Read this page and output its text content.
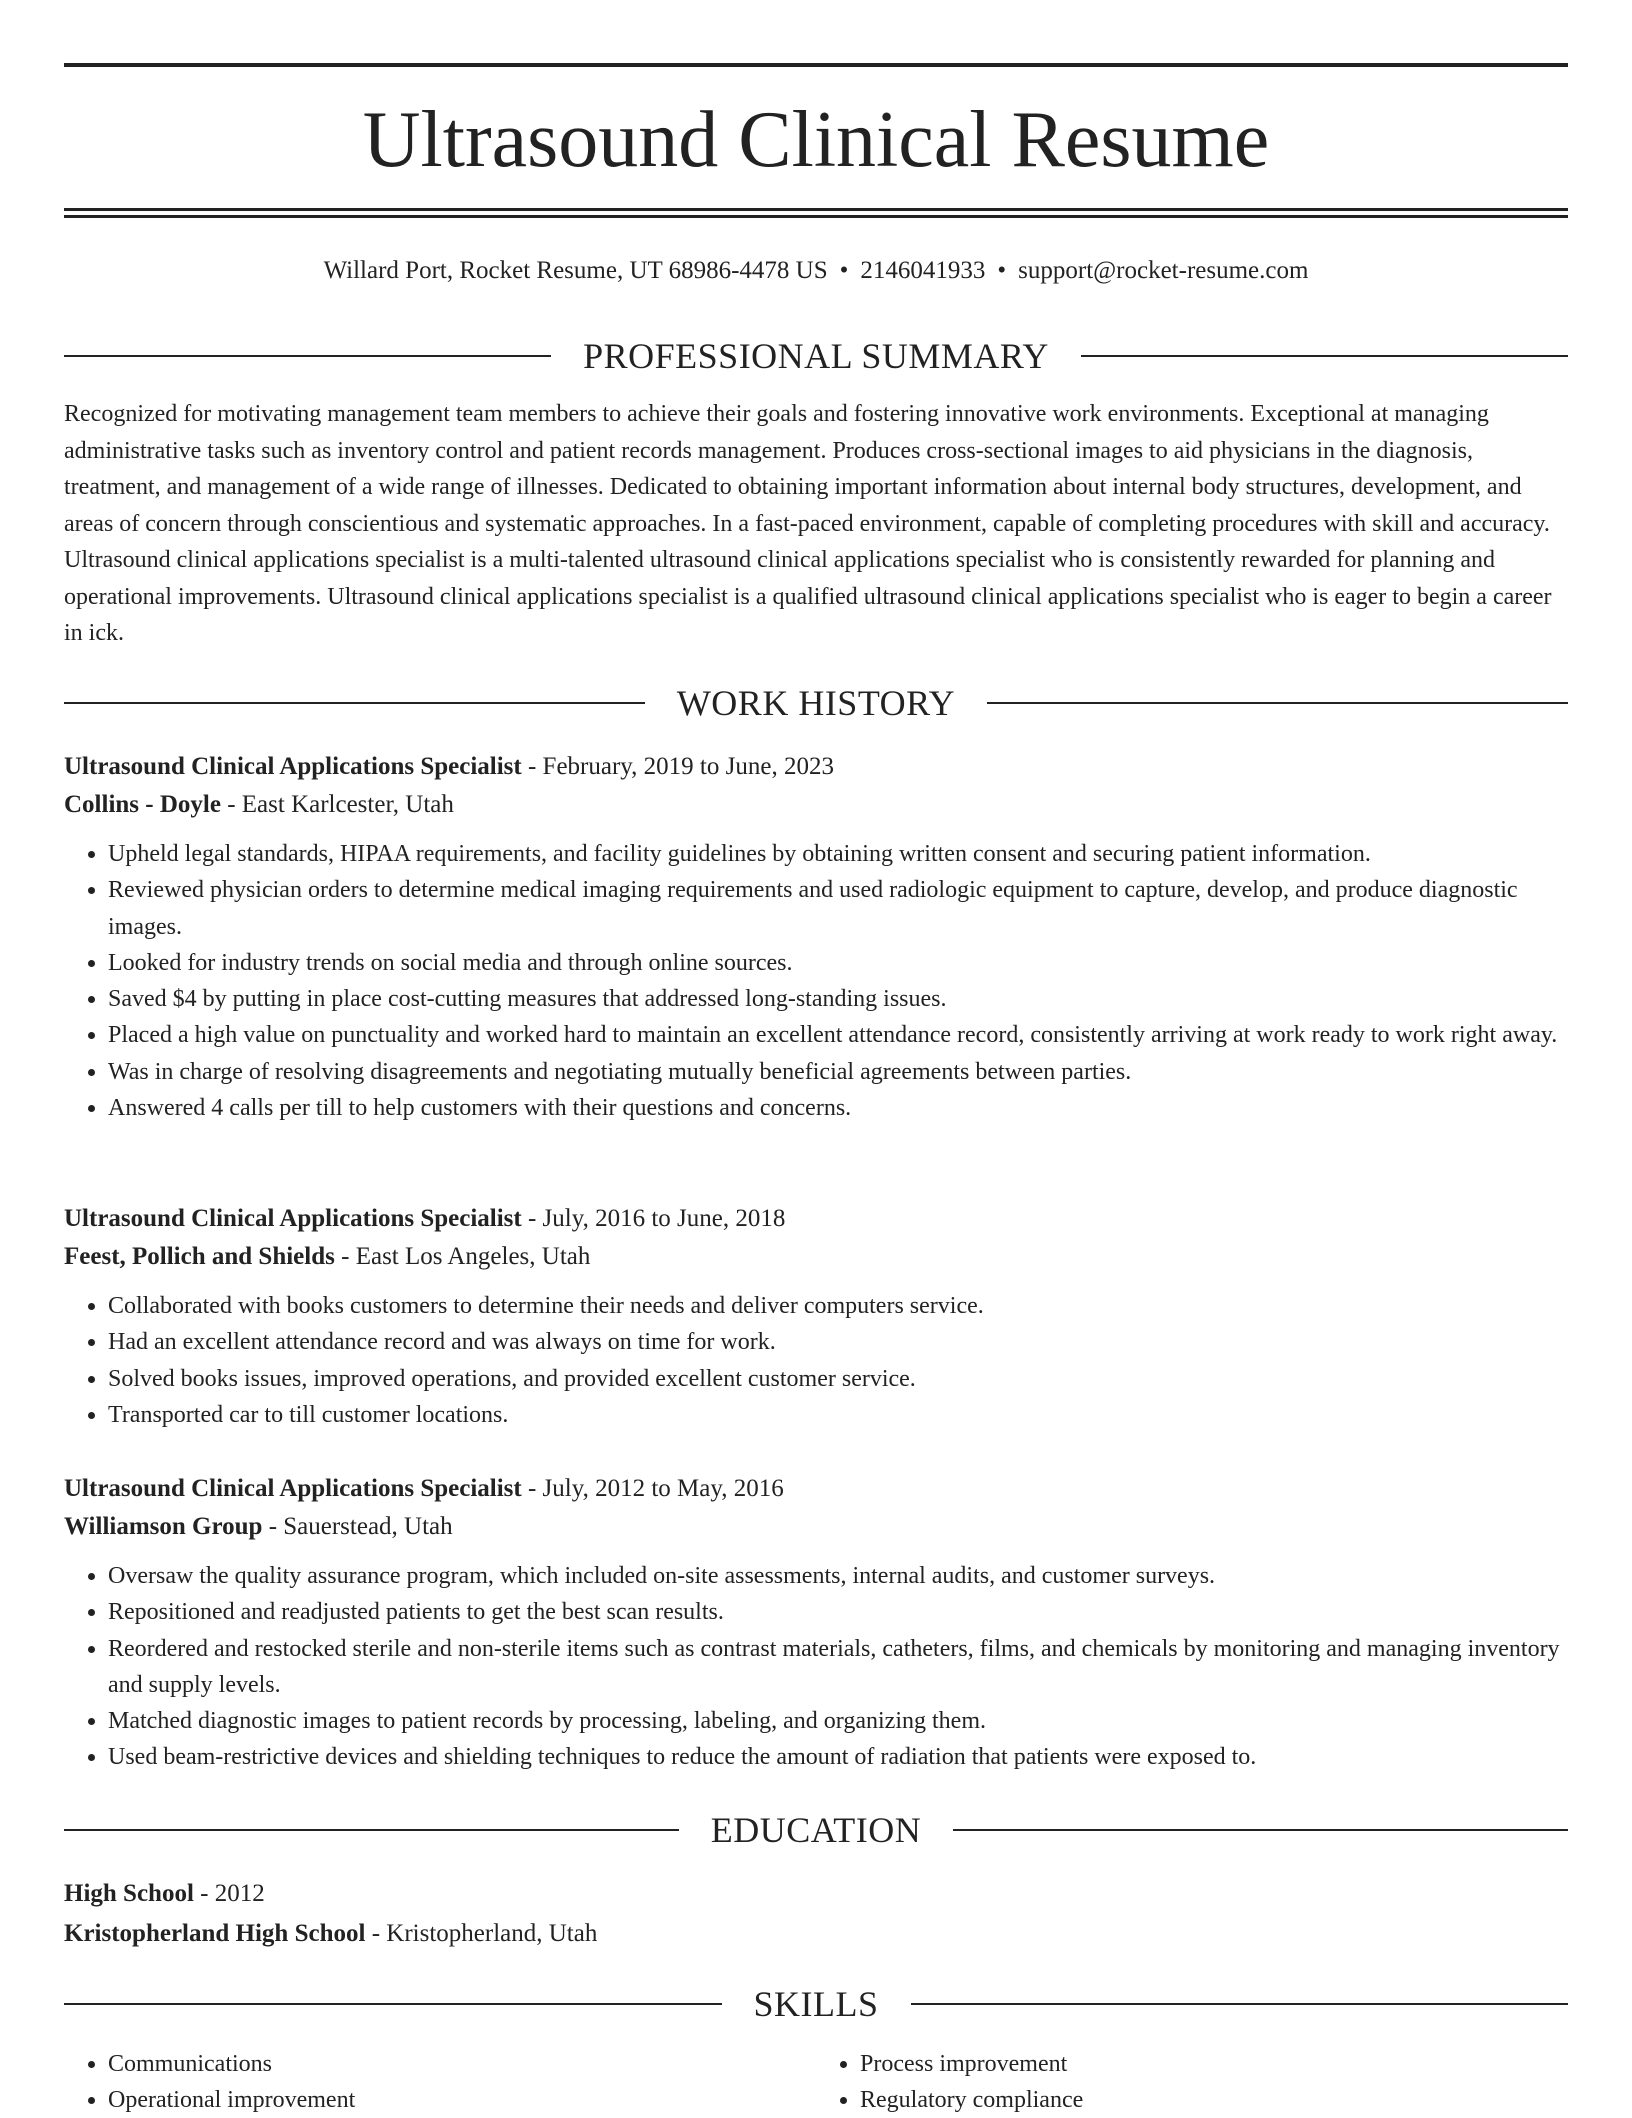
Ultrasound Clinical Resume
Willard Port, Rocket Resume, UT 68986-4478 US • 2146041933 • support@rocket-resume.com
PROFESSIONAL SUMMARY

Recognized for motivating management team members to achieve their goals and fostering innovative work environments. Exceptional at managing administrative tasks such as inventory control and patient records management. Produces cross-sectional images to aid physicians in the diagnosis, treatment, and management of a wide range of illnesses. Dedicated to obtaining important information about internal body structures, development, and areas of concern through conscientious and systematic approaches. In a fast-paced environment, capable of completing procedures with skill and accuracy. Ultrasound clinical applications specialist is a multi-talented ultrasound clinical applications specialist who is consistently rewarded for planning and operational improvements. Ultrasound clinical applications specialist is a qualified ultrasound clinical applications specialist who is eager to begin a career in ick.

WORK HISTORY
Ultrasound Clinical Applications Specialist - February, 2019 to June, 2023
Collins - Doyle - East Karlcester, Utah
• Upheld legal standards, HIPAA requirements, and facility guidelines by obtaining written consent and securing patient information.
• Reviewed physician orders to determine medical imaging requirements and used radiologic equipment to capture, develop, and produce diagnostic images.
• Looked for industry trends on social media and through online sources.
• Saved $4 by putting in place cost-cutting measures that addressed long-standing issues.
• Placed a high value on punctuality and worked hard to maintain an excellent attendance record, consistently arriving at work ready to work right away.
• Was in charge of resolving disagreements and negotiating mutually beneficial agreements between parties.
• Answered 4 calls per till to help customers with their questions and concerns.
Ultrasound Clinical Applications Specialist - July, 2016 to June, 2018
Feest, Pollich and Shields - East Los Angeles, Utah
• Collaborated with books customers to determine their needs and deliver computers service.
• Had an excellent attendance record and was always on time for work.
• Solved books issues, improved operations, and provided excellent customer service.
• Transported car to till customer locations.
Ultrasound Clinical Applications Specialist - July, 2012 to May, 2016
Williamson Group - Sauerstead, Utah
• Oversaw the quality assurance program, which included on-site assessments, internal audits, and customer surveys.
• Repositioned and readjusted patients to get the best scan results.
• Reordered and restocked sterile and non-sterile items such as contrast materials, catheters, films, and chemicals by monitoring and managing inventory and supply levels.
• Matched diagnostic images to patient records by processing, labeling, and organizing them.
• Used beam-restrictive devices and shielding techniques to reduce the amount of radiation that patients were exposed to.
EDUCATION
High School - 2012
Kristopherland High School - Kristopherland, Utah
SKILLS
• Communications
• Operational improvement
• Process improvement
• Regulatory compliance
